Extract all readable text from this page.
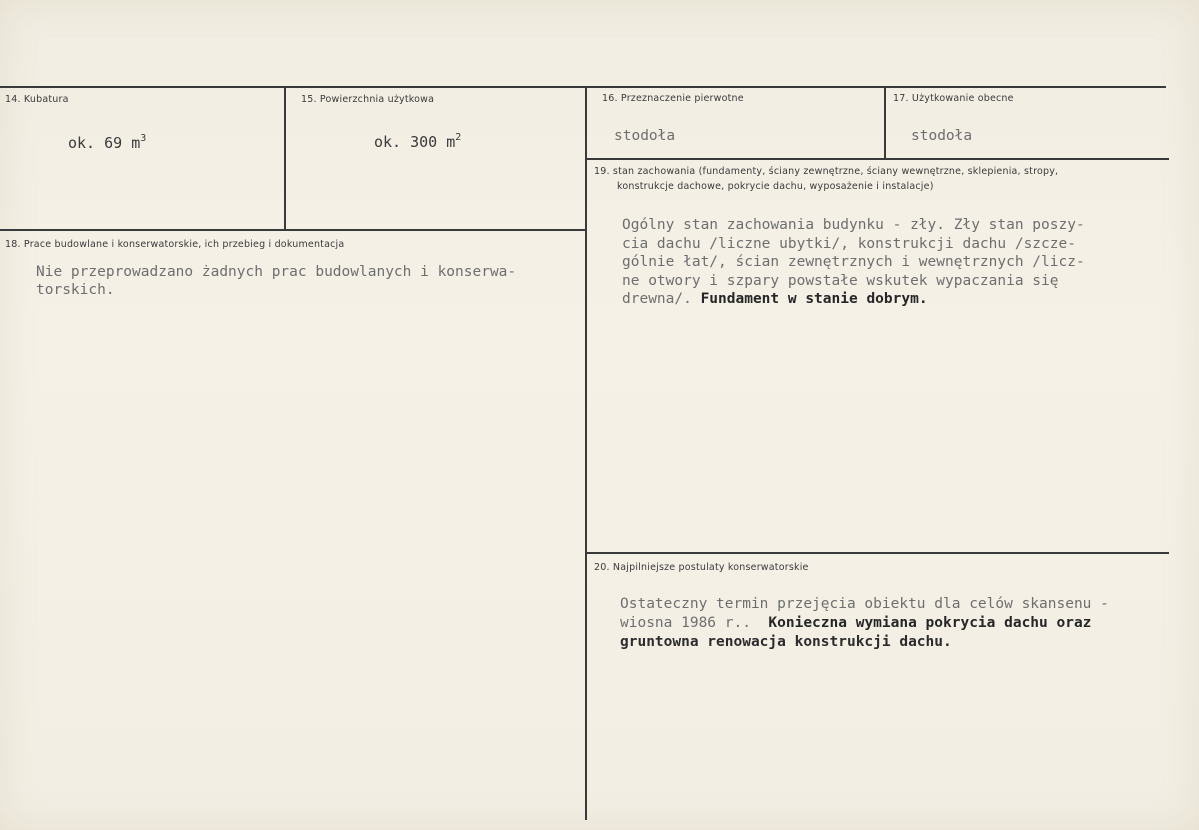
14. Kubatura
ok. 69 $m^3$
15. Powierzchnia użytkowa
ok. 300 $m^2$
16. Przeznaczenie pierwotne
stodoła
17. Użytkowanie obecne
stodoła
18. Prace budowlane i konserwatorskie, ich przebieg i dokumentacja
Nie przeprowadzano żadnych prac budowlanych i konserwa-
torskich.
19. stan zachowania (fundamenty, ściany zewnętrzne, ściany wewnętrzne, sklepienia, stropy,
konstrukcje dachowe, pokrycie dachu, wyposażenie i instalacje)
Ogólny stan zachowania budynku - zły. Zły stan poszy-
cia dachu /liczne ubytki/, konstrukcji dachu /szcze-
gólnie łat/, ścian zewnętrznych i wewnętrznych /licz-
ne otwory i szpary powstałe wskutek wypaczania się
drewna/. Fundament w stanie dobrym.
20. Najpilniejsze postulaty konserwatorskie
Ostateczny termin przejęcia obiektu dla celów skansenu -
wiosna 1986 r..  Konieczna wymiana pokrycia dachu oraz
gruntowna renowacja konstrukcji dachu.
